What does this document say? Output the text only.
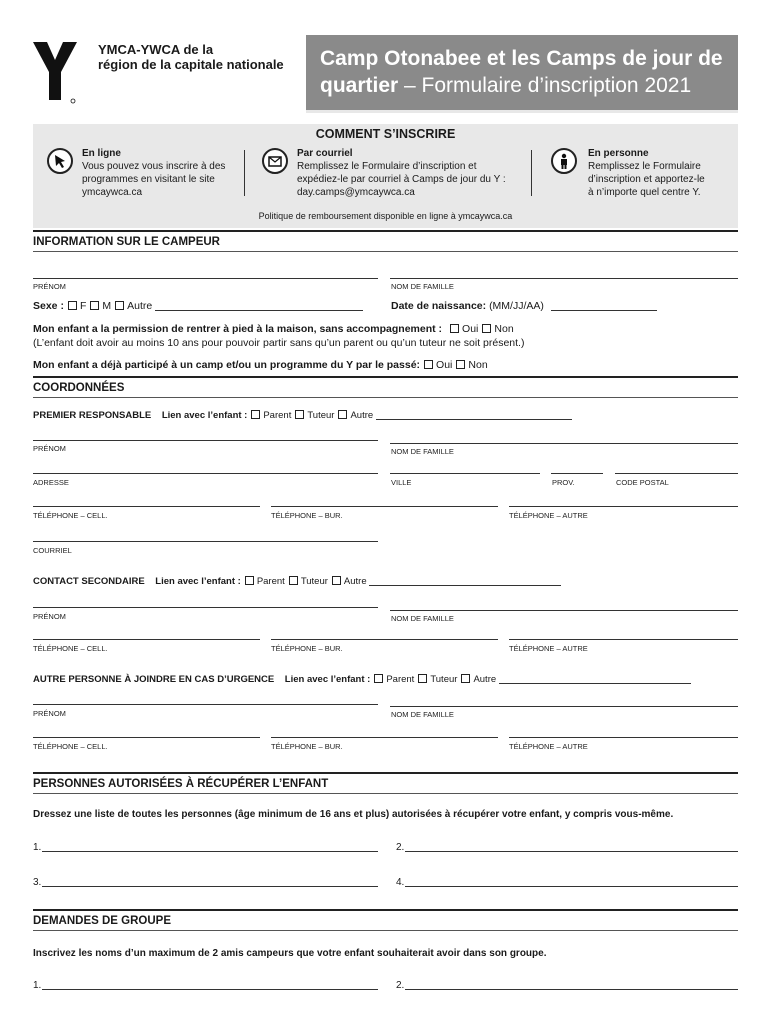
YMCA-YWCA de la
région de la capitale nationale	Camp Otonabee et les Camps de jour de quartier – Formulaire d’inscription 2021
COMMENT S’INSCRIRE
En ligne
Vous pouvez vous inscrire à des
programmes en visitant le site
ymcaywca.ca
Par courriel
Remplissez le Formulaire d’inscription et
expédiez-le par courriel à Camps de jour du Y :
day.camps@ymcaywca.ca
En personne
Remplissez le Formulaire
d’inscription et apportez-le
à n’importe quel centre Y.
Politique de remboursement disponible en ligne à ymcaywca.ca
INFORMATION SUR LE CAMPEUR
PRÉNOM	NOM DE FAMILLE
Sexe : F M Autre	Date de naissance: (MM/JJ/AA)
Mon enfant a la permission de rentrer à pied à la maison, sans accompagnement : Oui Non
(L’enfant doit avoir au moins 10 ans pour pouvoir partir sans qu’un parent ou qu’un tuteur ne soit présent.)
Mon enfant a déjà participé à un camp et/ou un programme du Y par le passé: Oui Non
COORDONNÉES
PREMIER RESPONSABLE Lien avec l’enfant : Parent Tuteur Autre
PRÉNOM	NOM DE FAMILLE
ADRESSE	VILLE	PROV.	CODE POSTAL
TÉLÉPHONE – CELL.	TÉLÉPHONE – BUR.	TÉLÉPHONE – AUTRE
COURRIEL
CONTACT SECONDAIRE Lien avec l’enfant : Parent Tuteur Autre
PRÉNOM	NOM DE FAMILLE
TÉLÉPHONE – CELL.	TÉLÉPHONE – BUR.	TÉLÉPHONE – AUTRE
AUTRE PERSONNE À JOINDRE EN CAS D’URGENCE Lien avec l’enfant : Parent Tuteur Autre
PRÉNOM	NOM DE FAMILLE
TÉLÉPHONE – CELL.	TÉLÉPHONE – BUR.	TÉLÉPHONE – AUTRE
PERSONNES AUTORISÉES À RÉCUPÉRER L’ENFANT
Dressez une liste de toutes les personnes (âge minimum de 16 ans et plus) autorisées à récupérer votre enfant, y compris vous-même.
1.	2.
3.	4.
DEMANDES DE GROUPE
Inscrivez les noms d’un maximum de 2 amis campeurs que votre enfant souhaiterait avoir dans son groupe.
1.	2.
